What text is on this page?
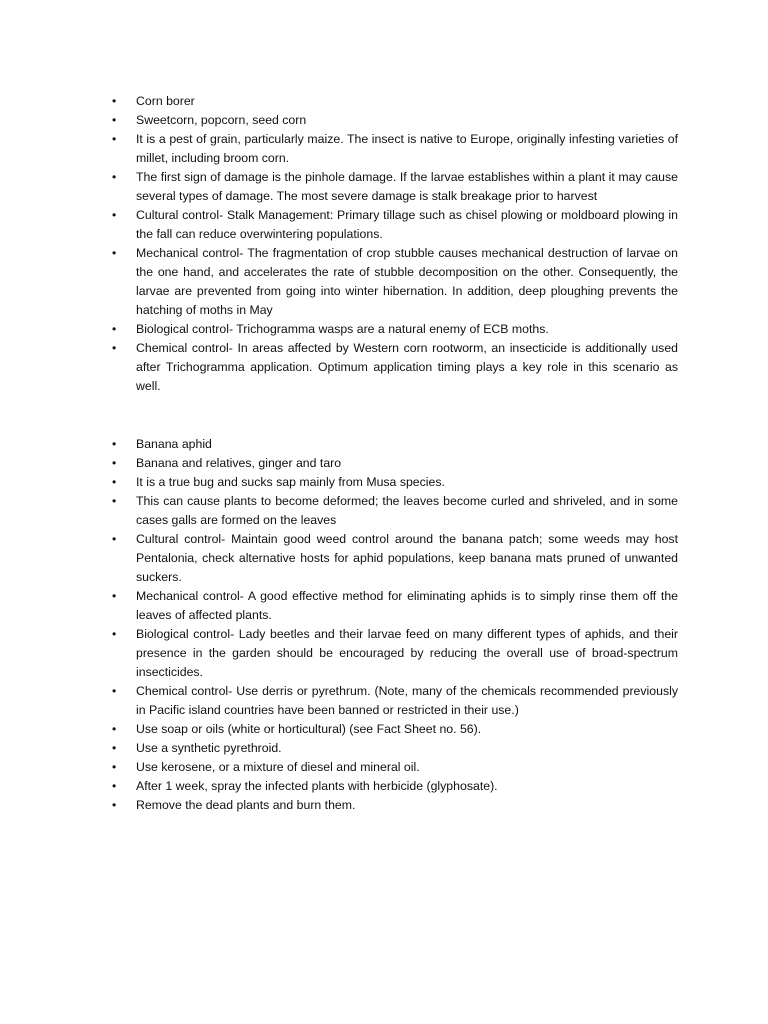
•	Corn borer
•	Sweetcorn, popcorn, seed corn
•	It is a pest of grain, particularly maize. The insect is native to Europe, originally infesting varieties of millet, including broom corn.
•	The first sign of damage is the pinhole damage. If the larvae establishes within a plant it may cause several types of damage. The most severe damage is stalk breakage prior to harvest
•	Cultural control- Stalk Management: Primary tillage such as chisel plowing or moldboard plowing in the fall can reduce overwintering populations.
•	Mechanical control- The fragmentation of crop stubble causes mechanical destruction of larvae on the one hand, and accelerates the rate of stubble decomposition on the other. Consequently, the larvae are prevented from going into winter hibernation. In addition, deep ploughing prevents the hatching of moths in May
•	Biological control- Trichogramma wasps are a natural enemy of ECB moths.
•	Chemical control- In areas affected by Western corn rootworm, an insecticide is additionally used after Trichogramma application. Optimum application timing plays a key role in this scenario as well.
•	Banana aphid
•	Banana and relatives, ginger and taro
•	It is a true bug and sucks sap mainly from Musa species.
•	This can cause plants to become deformed; the leaves become curled and shriveled, and in some cases galls are formed on the leaves
•	Cultural control- Maintain good weed control around the banana patch; some weeds may host Pentalonia, check alternative hosts for aphid populations, keep banana mats pruned of unwanted suckers.
•	Mechanical control- A good effective method for eliminating aphids is to simply rinse them off the leaves of affected plants.
•	Biological control- Lady beetles and their larvae feed on many different types of aphids, and their presence in the garden should be encouraged by reducing the overall use of broad-spectrum insecticides.
•	Chemical control- Use derris or pyrethrum. (Note, many of the chemicals recommended previously in Pacific island countries have been banned or restricted in their use.)
•	Use soap or oils (white or horticultural) (see Fact Sheet no. 56).
•	Use a synthetic pyrethroid.
•	Use kerosene, or a mixture of diesel and mineral oil.
•	After 1 week, spray the infected plants with herbicide (glyphosate).
•	Remove the dead plants and burn them.
